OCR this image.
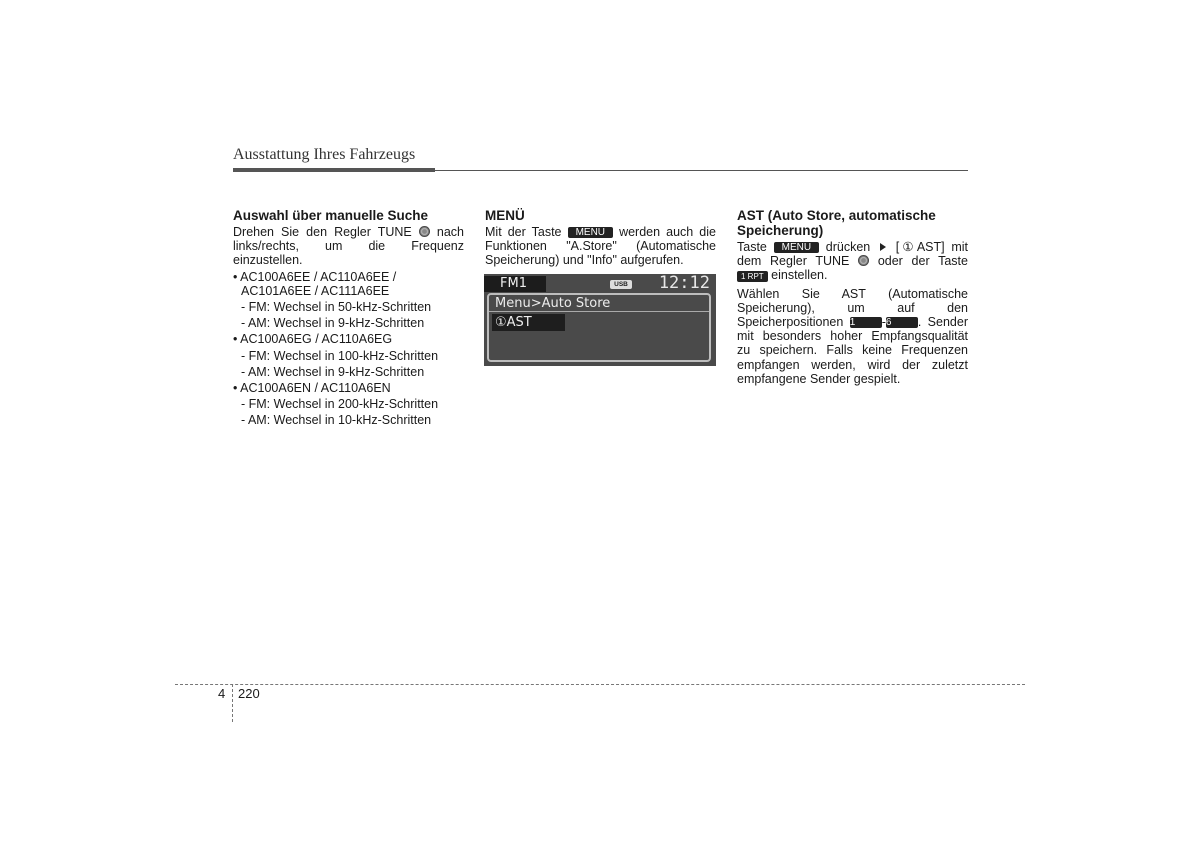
Ausstattung Ihres Fahrzeugs
Auswahl über manuelle Suche
Drehen Sie den Regler TUNE nach
links/rechts, um die Frequenz
einzustellen.
• AC100A6EE / AC110A6EE /
AC101A6EE / AC111A6EE
- FM: Wechsel in 50-kHz-Schritten
- AM: Wechsel in 9-kHz-Schritten
• AC100A6EG / AC110A6EG
- FM: Wechsel in 100-kHz-Schritten
- AM: Wechsel in 9-kHz-Schritten
• AC100A6EN / AC110A6EN
- FM: Wechsel in 200-kHz-Schritten
- AM: Wechsel in 10-kHz-Schritten
MENÜ
Mit der Taste MENU werden auch die
Funktionen "A.Store" (Automatische
Speicherung) und "Info" aufgerufen.
FM1	USB 12:12
Menu>Auto Store
①AST
AST (Auto Store, automatische
Speicherung)
Taste MENU drücken [①AST] mit
dem Regler TUNE oder der Taste
1 RPT einstellen.
Wählen Sie AST (Automatische
Speicherung), um auf den
Speicherpositionen 1 -6 . Sender
mit besonders hoher Empfangsqualität
zu speichern. Falls keine Frequenzen
empfangen werden, wird der zuletzt
empfangene Sender gespielt.
4 220
